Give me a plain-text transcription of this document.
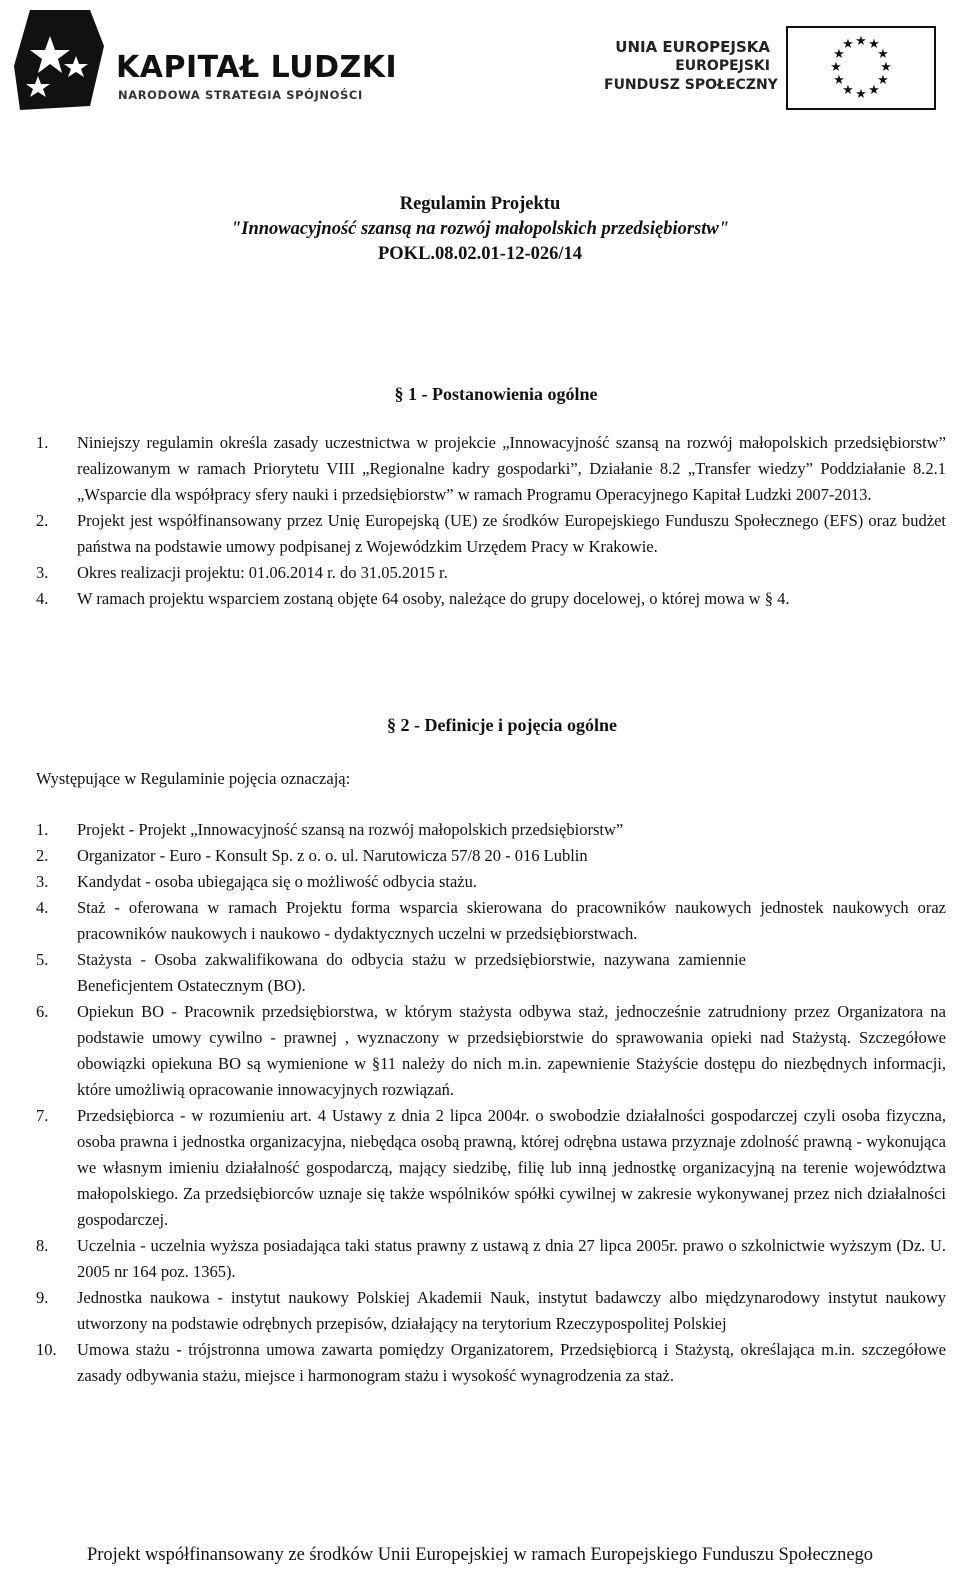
KAPITAŁ LUDZKI
NARODOWA STRATEGIA SPÓJNOŚCI
UNIA EUROPEJSKA
EUROPEJSKI
FUNDUSZ SPOŁECZNY
★ ★
★
★
★
★
★
★
★
★
★
★
Regulamin Projektu
"Innowacyjność szansą na rozwój małopolskich przedsiębiorstw"
POKL.08.02.01-12-026/14
§ 1 - Postanowienia ogólne
1. Niniejszy regulamin określa zasady uczestnictwa w projekcie „Innowacyjność szansą na rozwój małopolskich przedsiębiorstw” realizowanym w ramach Priorytetu VIII „Regionalne kadry gospodarki”, Działanie 8.2 „Transfer wiedzy” Poddziałanie 8.2.1 „Wsparcie dla współpracy sfery nauki i przedsiębiorstw” w ramach Programu Operacyjnego Kapitał Ludzki 2007-2013.
2. Projekt jest współfinansowany przez Unię Europejską (UE) ze środków Europejskiego Funduszu Społecznego (EFS) oraz budżet państwa na podstawie umowy podpisanej z Wojewódzkim Urzędem Pracy w Krakowie.
3. Okres realizacji projektu: 01.06.2014 r. do 31.05.2015 r.
4. W ramach projektu wsparciem zostaną objęte 64 osoby, należące do grupy docelowej, o której mowa w § 4.
§ 2 - Definicje i pojęcia ogólne
Występujące w Regulaminie pojęcia oznaczają:
1. Projekt - Projekt „Innowacyjność szansą na rozwój małopolskich przedsiębiorstw”
2. Organizator - Euro - Konsult Sp. z o. o. ul. Narutowicza 57/8 20 - 016 Lublin
3. Kandydat - osoba ubiegająca się o możliwość odbycia stażu.
4. Staż - oferowana w ramach Projektu forma wsparcia skierowana do pracowników naukowych jednostek naukowych oraz pracowników naukowych i naukowo - dydaktycznych uczelni w przedsiębiorstwach.
5. Stażysta - Osoba zakwalifikowana do odbycia stażu w przedsiębiorstwie, nazywana zamiennie Beneficjentem Ostatecznym (BO).
6. Opiekun BO - Pracownik przedsiębiorstwa, w którym stażysta odbywa staż, jednocześnie zatrudniony przez Organizatora na podstawie umowy cywilno - prawnej , wyznaczony w przedsiębiorstwie do sprawowania opieki nad Stażystą. Szczegółowe obowiązki opiekuna BO są wymienione w §11 należy do nich m.in. zapewnienie Stażyście dostępu do niezbędnych informacji, które umożliwią opracowanie innowacyjnych rozwiązań.
7. Przedsiębiorca - w rozumieniu art. 4 Ustawy z dnia 2 lipca 2004r. o swobodzie działalności gospodarczej czyli osoba fizyczna, osoba prawna i jednostka organizacyjna, niebędąca osobą prawną, której odrębna ustawa przyznaje zdolność prawną - wykonująca we własnym imieniu działalność gospodarczą, mający siedzibę, filię lub inną jednostkę organizacyjną na terenie województwa małopolskiego. Za przedsiębiorców uznaje się także wspólników spółki cywilnej w zakresie wykonywanej przez nich działalności gospodarczej.
8. Uczelnia - uczelnia wyższa posiadająca taki status prawny z ustawą z dnia 27 lipca 2005r. prawo o szkolnictwie wyższym (Dz. U. 2005 nr 164 poz. 1365).
9. Jednostka naukowa - instytut naukowy Polskiej Akademii Nauk, instytut badawczy albo międzynarodowy instytut naukowy utworzony na podstawie odrębnych przepisów, działający na terytorium Rzeczypospolitej Polskiej
10. Umowa stażu - trójstronna umowa zawarta pomiędzy Organizatorem, Przedsiębiorcą i Stażystą, określająca m.in. szczegółowe zasady odbywania stażu, miejsce i harmonogram stażu i wysokość wynagrodzenia za staż.
Projekt współfinansowany ze środków Unii Europejskiej w ramach Europejskiego Funduszu Społecznego
